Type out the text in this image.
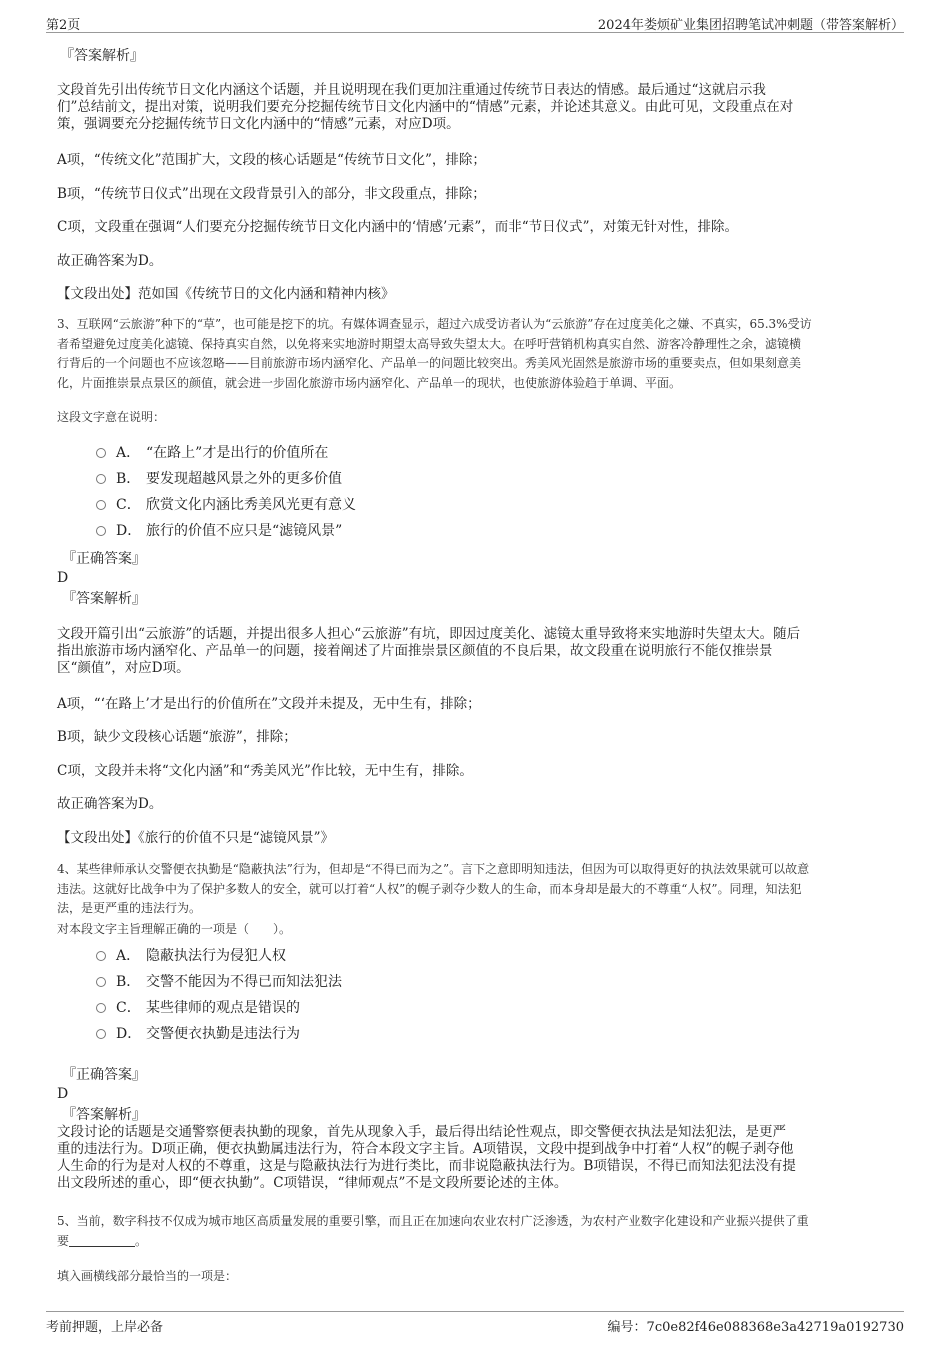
第2页	2024年娄烦矿业集团招聘笔试冲刺题（带答案解析）
『答案解析』
文段首先引出传统节日文化内涵这个话题，并且说明现在我们更加注重通过传统节日表达的情感。最后通过“这就启示我
们”总结前文，提出对策，说明我们要充分挖掘传统节日文化内涵中的“情感”元素，并论述其意义。由此可见，文段重点在对
策，强调要充分挖掘传统节日文化内涵中的“情感”元素，对应D项。
A项，“传统文化”范围扩大，文段的核心话题是“传统节日文化”，排除；
B项，“传统节日仪式”出现在文段背景引入的部分，非文段重点，排除；
C项，文段重在强调“人们要充分挖掘传统节日文化内涵中的‘情感’元素”，而非“节日仪式”，对策无针对性，排除。
故正确答案为D。
【文段出处】范如国《传统节日的文化内涵和精神内核》
3、互联网“云旅游”种下的“草”，也可能是挖下的坑。有媒体调查显示，超过六成受访者认为“云旅游”存在过度美化之嫌、不真实，65.3%受访
者希望避免过度美化滤镜、保持真实自然，以免将来实地游时期望太高导致失望太大。在呼吁营销机构真实自然、游客冷静理性之余，滤镜横
行背后的一个问题也不应该忽略——目前旅游市场内涵窄化、产品单一的问题比较突出。秀美风光固然是旅游市场的重要卖点，但如果刻意美
化，片面推崇景点景区的颜值，就会进一步固化旅游市场内涵窄化、产品单一的现状，也使旅游体验趋于单调、平面。
这段文字意在说明：
A． “在路上”才是出行的价值所在
B． 要发现超越风景之外的更多价值
C． 欣赏文化内涵比秀美风光更有意义
D． 旅行的价值不应只是“滤镜风景”
『正确答案』
D
『答案解析』
文段开篇引出“云旅游”的话题，并提出很多人担心“云旅游”有坑，即因过度美化、滤镜太重导致将来实地游时失望太大。随后
指出旅游市场内涵窄化、产品单一的问题，接着阐述了片面推崇景区颜值的不良后果，故文段重在说明旅行不能仅推崇景
区“颜值”，对应D项。
A项，“‘在路上’才是出行的价值所在”文段并未提及，无中生有，排除；
B项，缺少文段核心话题“旅游”，排除；
C项，文段并未将“文化内涵”和“秀美风光”作比较，无中生有，排除。
故正确答案为D。
【文段出处】《旅行的价值不只是“滤镜风景”》
4、某些律师承认交警便衣执勤是“隐蔽执法”行为，但却是“不得已而为之”。言下之意即明知违法，但因为可以取得更好的执法效果就可以故意
违法。这就好比战争中为了保护多数人的安全，就可以打着“人权”的幌子剥夺少数人的生命，而本身却是最大的不尊重“人权”。同理，知法犯
法，是更严重的违法行为。
对本段文字主旨理解正确的一项是（　　）。
A． 隐蔽执法行为侵犯人权
B． 交警不能因为不得已而知法犯法
C． 某些律师的观点是错误的
D． 交警便衣执勤是违法行为
『正确答案』
D
『答案解析』
文段讨论的话题是交通警察便表执勤的现象，首先从现象入手，最后得出结论性观点，即交警便衣执法是知法犯法，是更严
重的违法行为。D项正确，便衣执勤属违法行为，符合本段文字主旨。A项错误，文段中提到战争中打着“人权”的幌子剥夺他
人生命的行为是对人权的不尊重，这是与隐蔽执法行为进行类比，而非说隐蔽执法行为。B项错误，不得已而知法犯法没有提
出文段所述的重心，即“便衣执勤”。C项错误，“律师观点”不是文段所要论述的主体。
5、当前，数字科技不仅成为城市地区高质量发展的重要引擎，而且正在加速向农业农村广泛渗透，为农村产业数字化建设和产业振兴提供了重
要	。
填入画横线部分最恰当的一项是：
考前押题，上岸必备	编号：7c0e82f46e088368e3a42719a0192730
